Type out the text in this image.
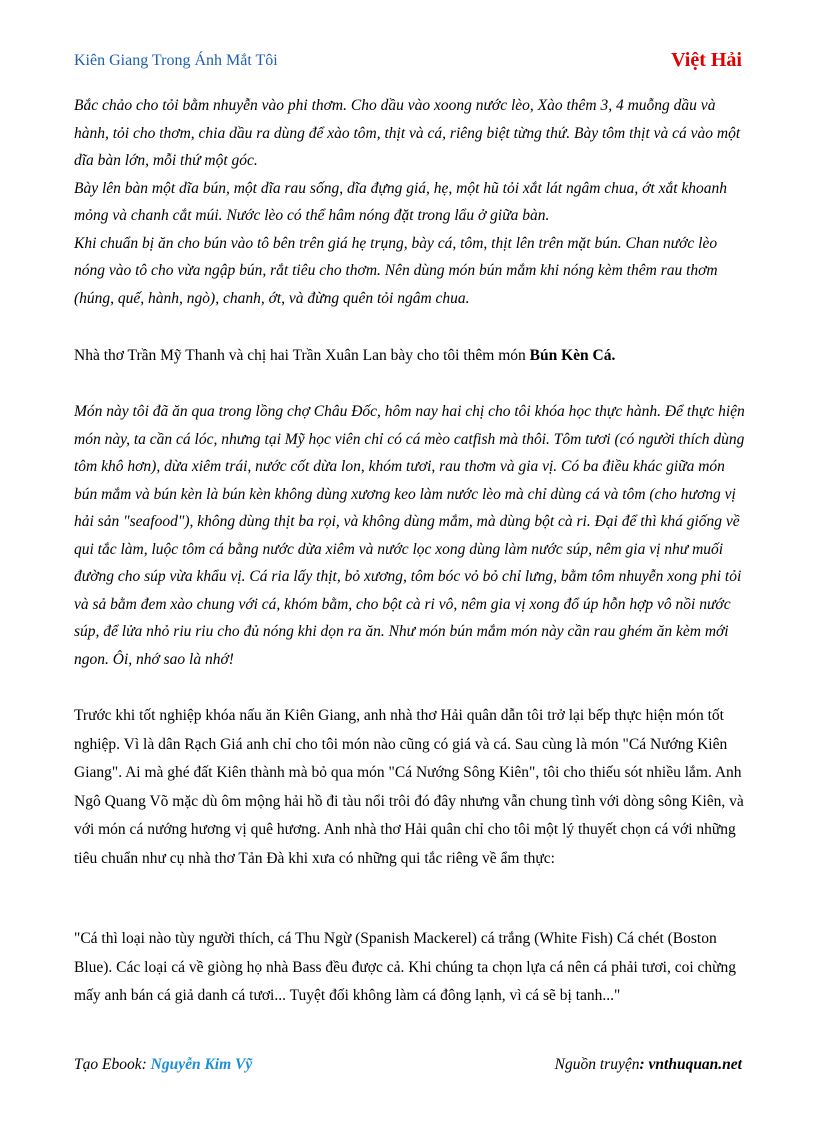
Kiên Giang Trong Ánh Mắt Tôi	Việt Hải

Bắc chảo cho tỏi bằm nhuyễn vào phi thơm. Cho dầu vào xoong nước lèo, Xào thêm 3, 4 muỗng dầu và hành, tỏi cho thơm, chia dầu ra dùng để xào tôm, thịt và cá, riêng biệt từng thứ. Bày tôm thịt và cá vào một dĩa bàn lớn, mỗi thứ một góc.

Bày lên bàn một dĩa bún, một dĩa rau sống, dĩa đựng giá, hẹ, một hũ tỏi xắt lát ngâm chua, ớt xắt khoanh mỏng và chanh cắt múi. Nước lèo có thể hâm nóng đặt trong lẩu ở giữa bàn.

Khi chuẩn bị ăn cho bún vào tô bên trên giá hẹ trụng, bày cá, tôm, thịt lên trên mặt bún. Chan nước lèo nóng vào tô cho vừa ngập bún, rắt tiêu cho thơm. Nên dùng món bún mắm khi nóng kèm thêm rau thơm (húng, quế, hành, ngò), chanh, ớt, và đừng quên tỏi ngâm chua.

Nhà thơ Trần Mỹ Thanh và chị hai Trần Xuân Lan bày cho tôi thêm món Bún Kèn Cá.

Món này tôi đã ăn qua trong lồng chợ Châu Đốc, hôm nay hai chị cho tôi khóa học thực hành. Để thực hiện món này, ta cần cá lóc, nhưng tại Mỹ học viên chỉ có cá mèo catfish mà thôi. Tôm tươi (có người thích dùng tôm khô hơn), dừa xiêm trái, nước cốt dừa lon, khóm tươi, rau thơm và gia vị. Có ba điều khác giữa món bún mắm và bún kèn là bún kèn không dùng xương keo làm nước lèo mà chỉ dùng cá và tôm (cho hương vị hải sản "seafood"), không dùng thịt ba rọi, và không dùng mắm, mà dùng bột cà ri. Đại để thì khá giống về qui tắc làm, luộc tôm cá bằng nước dừa xiêm và nước lọc xong dùng làm nước súp, nêm gia vị như muối đường cho súp vừa khẩu vị. Cá ria lấy thịt, bỏ xương, tôm bóc vỏ bỏ chỉ lưng, bằm tôm nhuyễn xong phi tỏi và sả bằm đem xào chung với cá, khóm bằm, cho bột cà ri vô, nêm gia vị xong đổ úp hỗn hợp vô nồi nước súp, để lửa nhỏ riu riu cho đủ nóng khi dọn ra ăn. Như món bún mắm món này cần rau ghém ăn kèm mới ngon. Ôi, nhớ sao là nhớ!

Trước khi tốt nghiệp khóa nấu ăn Kiên Giang, anh nhà thơ Hải quân dẫn tôi trở lại bếp thực hiện món tốt nghiệp. Vì là dân Rạch Giá anh chỉ cho tôi món nào cũng có giá và cá. Sau cùng là món "Cá Nướng Kiên Giang". Ai mà ghé đất Kiên thành mà bỏ qua món "Cá Nướng Sông Kiên", tôi cho thiếu sót nhiều lắm. Anh Ngô Quang Võ mặc dù ôm mộng hải hồ đi tàu nổi trôi đó đây nhưng vẫn chung tình với dòng sông Kiên, và với món cá nướng hương vị quê hương. Anh nhà thơ Hải quân chỉ cho tôi một lý thuyết chọn cá với những tiêu chuẩn như cụ nhà thơ Tản Đà khi xưa có những qui tắc riêng về ẩm thực:

"Cá thì loại nào tùy người thích, cá Thu Ngừ (Spanish Mackerel) cá trắng (White Fish) Cá chét (Boston Blue). Các loại cá về giòng họ nhà Bass đều được cả. Khi chúng ta chọn lựa cá nên cá phải tươi, coi chừng mấy anh bán cá giả danh cá tươi... Tuyệt đối không làm cá đông lạnh, vì cá sẽ bị tanh..."

Tạo Ebook: Nguyễn Kim Vỹ	Nguồn truyện: vnthuquan.net
